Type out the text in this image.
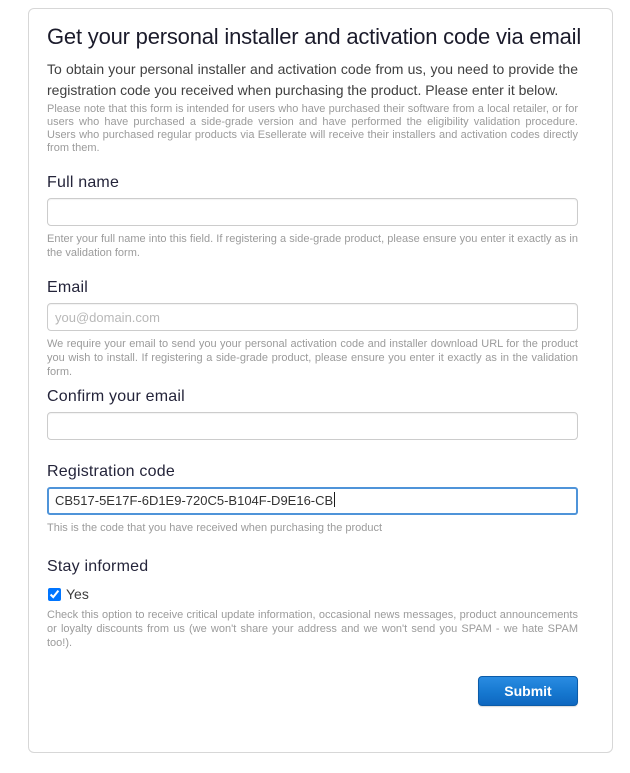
Get your personal installer and activation code via email

To obtain your personal installer and activation code from us, you need to provide the registration code you received when purchasing the product. Please enter it below.

Please note that this form is intended for users who have purchased their software from a local retailer, or for users who have purchased a side-grade version and have performed the eligibility validation procedure. Users who purchased regular products via Esellerate will receive their installers and activation codes directly from them.

Full name

Enter your full name into this field. If registering a side-grade product, please ensure you enter it exactly as in the validation form.

Email
you@domain.com

We require your email to send you your personal activation code and installer download URL for the product you wish to install. If registering a side-grade product, please ensure you enter it exactly as in the validation form.

Confirm your email
Registration code
CB517-5E17F-6D1E9-720C5-B104F-D9E16-CB

This is the code that you have received when purchasing the product

Stay informed
Yes

Check this option to receive critical update information, occasional news messages, product announcements or loyalty discounts from us (we won't share your address and we won't send you SPAM - we hate SPAM too!).

Submit
